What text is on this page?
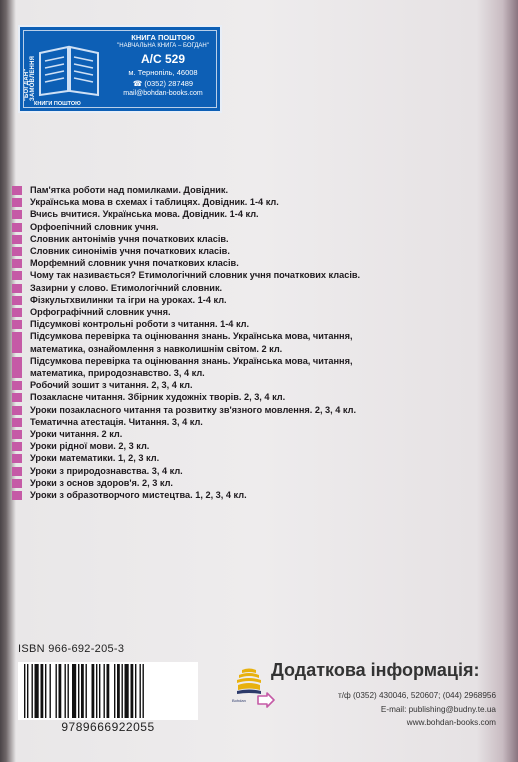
"БОГДАН" ЗАМОВЛЕННЯ
КНИГА ПОШТОЮ
"НАВЧАЛЬНА КНИГА – БОГДАН"
А/С 529
м. Тернопіль, 46008
☎ (0352) 287489
mail@bohdan-books.com
КНИГИ ПОШТОЮ
Пам'ятка роботи над помилками. Довідник.
Українська мова в схемах і таблицях. Довідник. 1-4 кл.
Вчись вчитися. Українська мова. Довідник. 1-4 кл.
Орфоепічний словник учня.
Словник антонімів учня початкових класів.
Словник синонімів учня початкових класів.
Морфемний словник учня початкових класів.
Чому так називається? Етимологічний словник учня початкових класів.
Зазирни у слово. Етимологічний словник.
Фізкультхвилинки та ігри на уроках. 1-4 кл.
Орфографічний словник учня.
Підсумкові контрольні роботи з читання. 1-4 кл.
Підсумкова перевірка та оцінювання знань. Українська мова, читання,
математика, ознайомлення з навколишнім світом. 2 кл.
Підсумкова перевірка та оцінювання знань. Українська мова, читання,
математика, природознавство. 3, 4 кл.
Робочий зошит з читання. 2, 3, 4 кл.
Позакласне читання. Збірник художніх творів. 2, 3, 4 кл.
Уроки позакласного читання та розвитку зв'язного мовлення. 2, 3, 4 кл.
Тематична атестація. Читання. 3, 4 кл.
Уроки читання. 2 кл.
Уроки рідної мови. 2, 3 кл.
Уроки математики. 1, 2, 3 кл.
Уроки з природознавства. 3, 4 кл.
Уроки з основ здоров'я. 2, 3 кл.
Уроки з образотворчого мистецтва. 1, 2, 3, 4 кл.
ISBN 966-692-205-3
9789666922055
Bohdan
Додаткова інформація:
т/ф (0352) 430046, 520607; (044) 2968956
E-mail: publishing@budny.te.ua
www.bohdan-books.com
